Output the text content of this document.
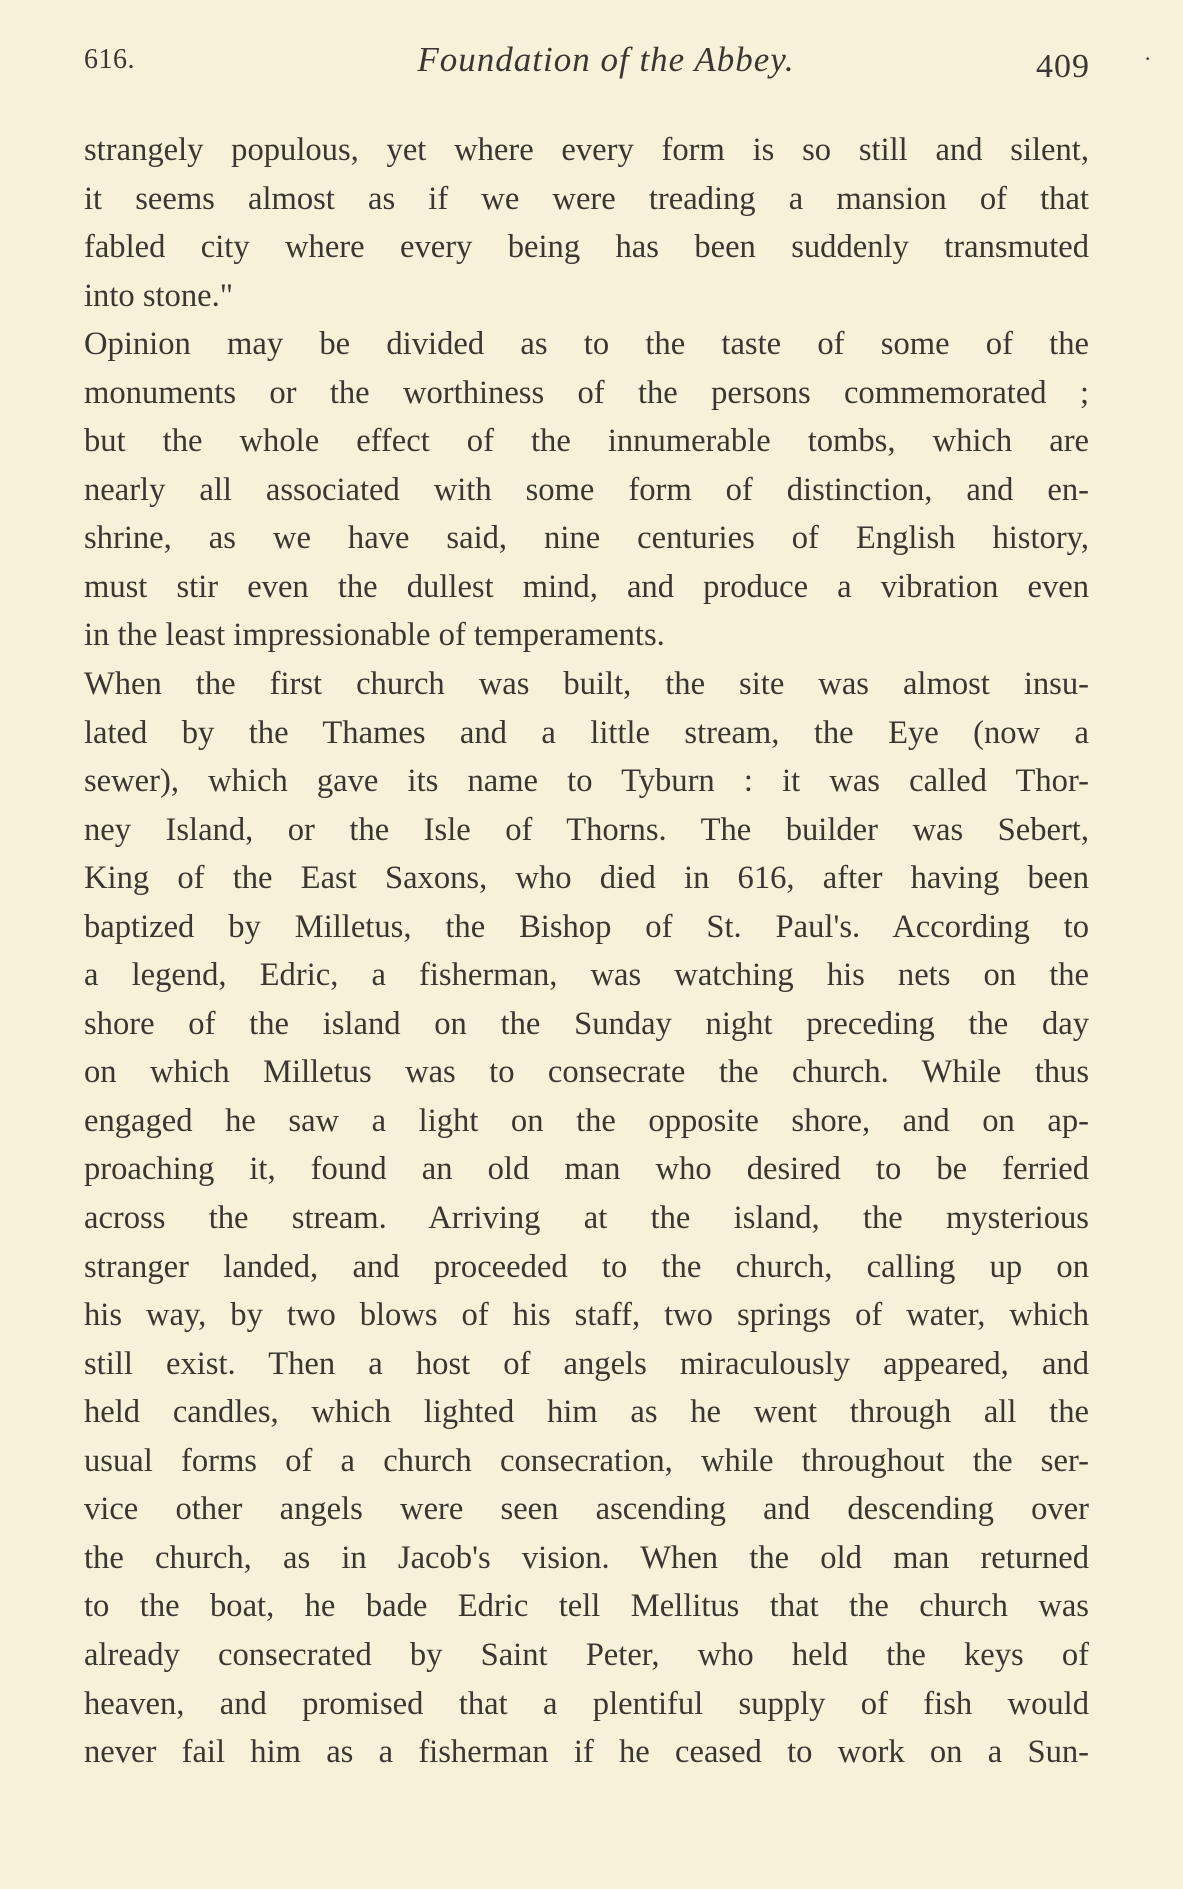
616.	Foundation of the Abbey.	409 ·
strangely populous, yet where every form is so still and silent,
it seems almost as if we were treading a mansion of that
fabled city where every being has been suddenly transmuted
into stone."
Opinion may be divided as to the taste of some of the
monuments or the worthiness of the persons commemorated ;
but the whole effect of the innumerable tombs, which are
nearly all associated with some form of distinction, and en-
shrine, as we have said, nine centuries of English history,
must stir even the dullest mind, and produce a vibration even
in the least impressionable of temperaments.
When the first church was built, the site was almost insu-
lated by the Thames and a little stream, the Eye (now a
sewer), which gave its name to Tyburn : it was called Thor-
ney Island, or the Isle of Thorns. The builder was Sebert,
King of the East Saxons, who died in 616, after having been
baptized by Milletus, the Bishop of St. Paul's. According to
a legend, Edric, a fisherman, was watching his nets on the
shore of the island on the Sunday night preceding the day
on which Milletus was to consecrate the church. While thus
engaged he saw a light on the opposite shore, and on ap-
proaching it, found an old man who desired to be ferried
across the stream. Arriving at the island, the mysterious
stranger landed, and proceeded to the church, calling up on
his way, by two blows of his staff, two springs of water, which
still exist. Then a host of angels miraculously appeared, and
held candles, which lighted him as he went through all the
usual forms of a church consecration, while throughout the ser-
vice other angels were seen ascending and descending over
the church, as in Jacob's vision. When the old man returned
to the boat, he bade Edric tell Mellitus that the church was
already consecrated by Saint Peter, who held the keys of
heaven, and promised that a plentiful supply of fish would
never fail him as a fisherman if he ceased to work on a Sun-
